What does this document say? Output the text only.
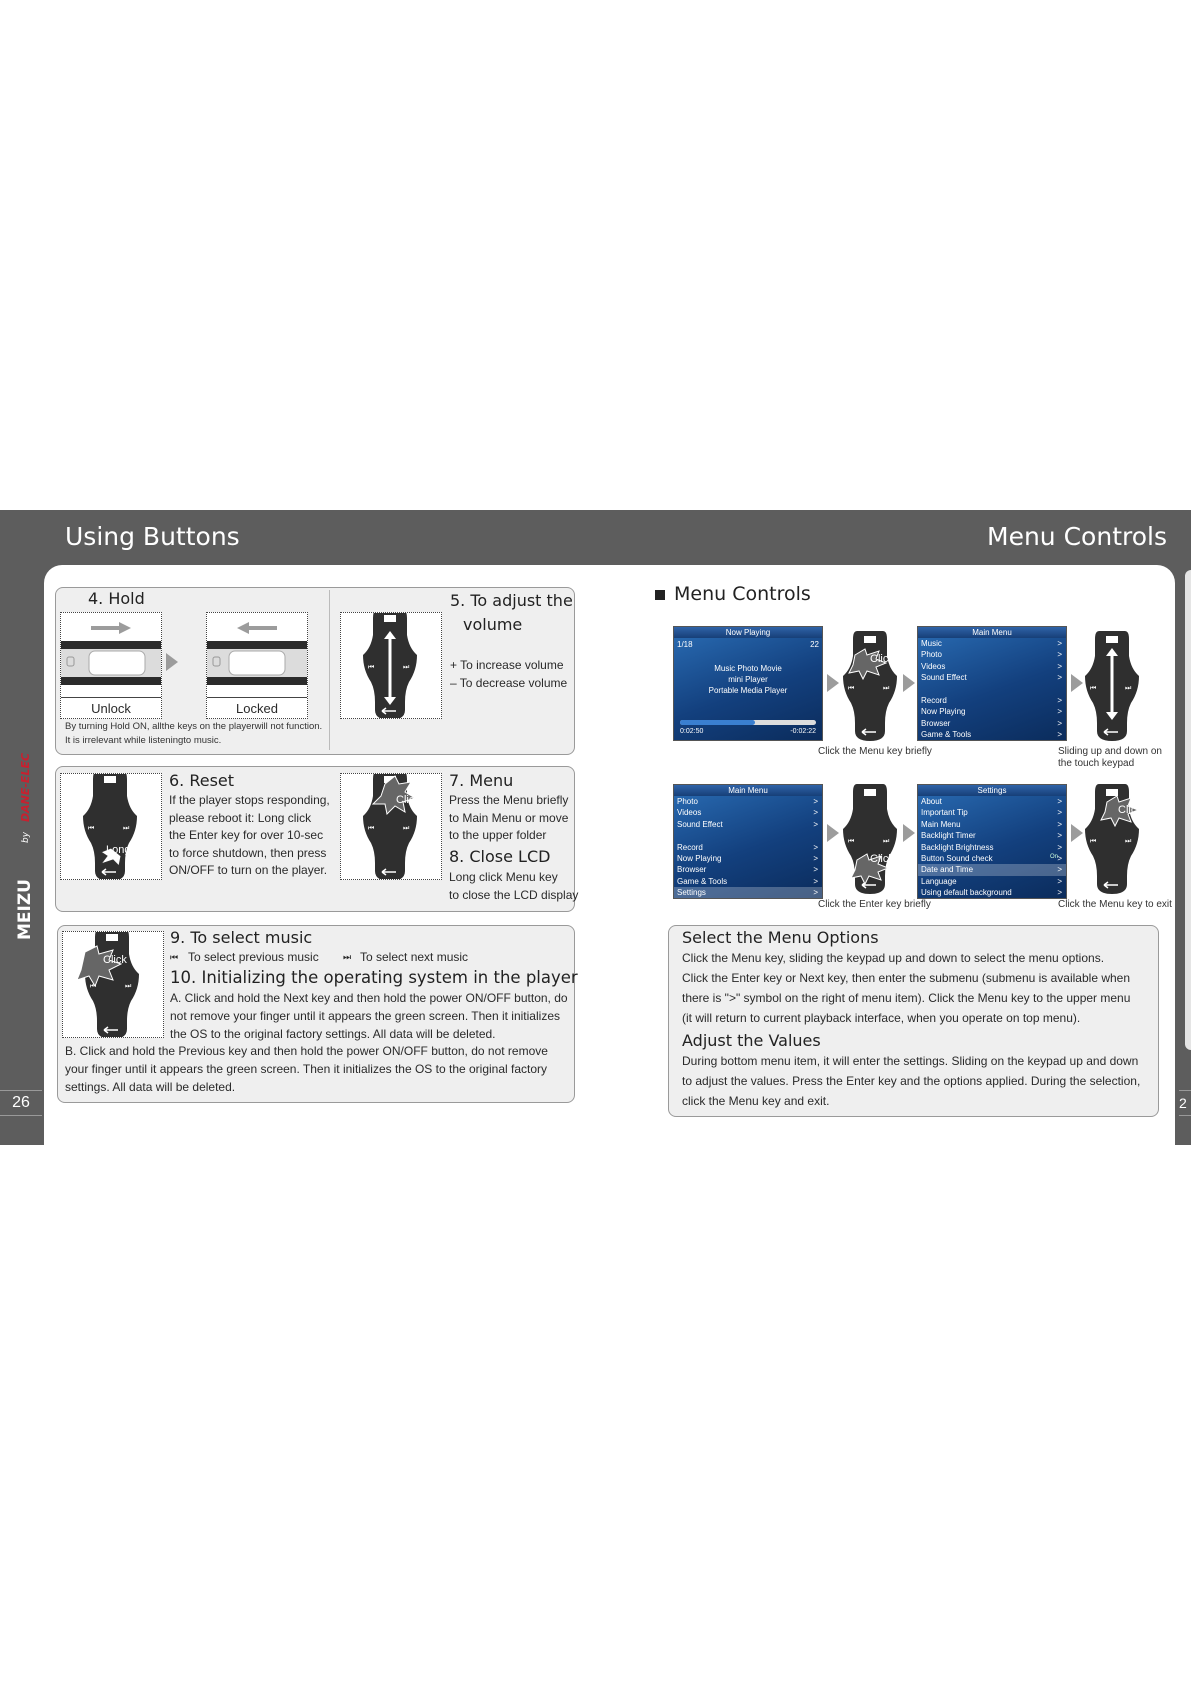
Using Buttons	Menu Controls
MEIZU
by
DANE-ELEC
26	2
4. Hold
Unlock	Locked
By turning Hold ON, allthe keys on the playerwill not function.
It is irrelevant while listeningto music.
5. To adjust the
volume
+ To increase volume
– To decrease volume
Long Click
6. Reset
If the player stops responding,
please reboot it: Long click
the Enter key for over 10-sec
to force shutdown, then press
ON/OFF to turn on the player.
Click
7. Menu
Press the Menu briefly
to Main Menu or move
to the upper folder
8. Close LCD
Long click Menu key
to close the LCD display
Click
9. To select music
⏮ To select previous music	⏭ To select next music
10. Initializing the operating system in the player
A. Click and hold the Next key and then hold the power ON/OFF button, do
not remove your finger until it appears the green screen. Then it initializes
the OS to the original factory settings. All data will be deleted.
B. Click and hold the Previous key and then hold the power ON/OFF button, do not remove
your finger until it appears the green screen. Then it initializes the OS to the original factory
settings. All data will be deleted.
Menu Controls
Now Playing
1/18	22
Music Photo Movie
mini Player
Portable Media Player
0:02:50	-0:02:22
Click
Main Menu
Music >
Photo >
Videos >
Sound Effect >
Record >
Now Playing >
Browser >
Game & Tools >
Click the Menu key briefly	Sliding up and down on
the touch keypad
Main Menu
Photo >
Videos >
Sound Effect >
Record >
Now Playing >
Browser >
Game & Tools >
Settings >
Click
Settings
About >
Important Tip >
Main Menu >
Backlight Timer >
Backlight Brightness >
Button Sound check >
Date and Time >
Language >
Using default background >
On
Click
Click the Enter key briefly	Click the Menu key to exit
Select the Menu Options
Click the Menu key, sliding the keypad up and down to select the menu options.
Click the Enter key or Next key, then enter the submenu (submenu is available when
there is ">" symbol on the right of menu item). Click the Menu key to the upper menu
(it will return to current playback interface, when you operate on top menu).
Adjust the Values
During bottom menu item, it will enter the settings. Sliding on the keypad up and down
to adjust the values. Press the Enter key and the options applied. During the selection,
click the Menu key and exit.
